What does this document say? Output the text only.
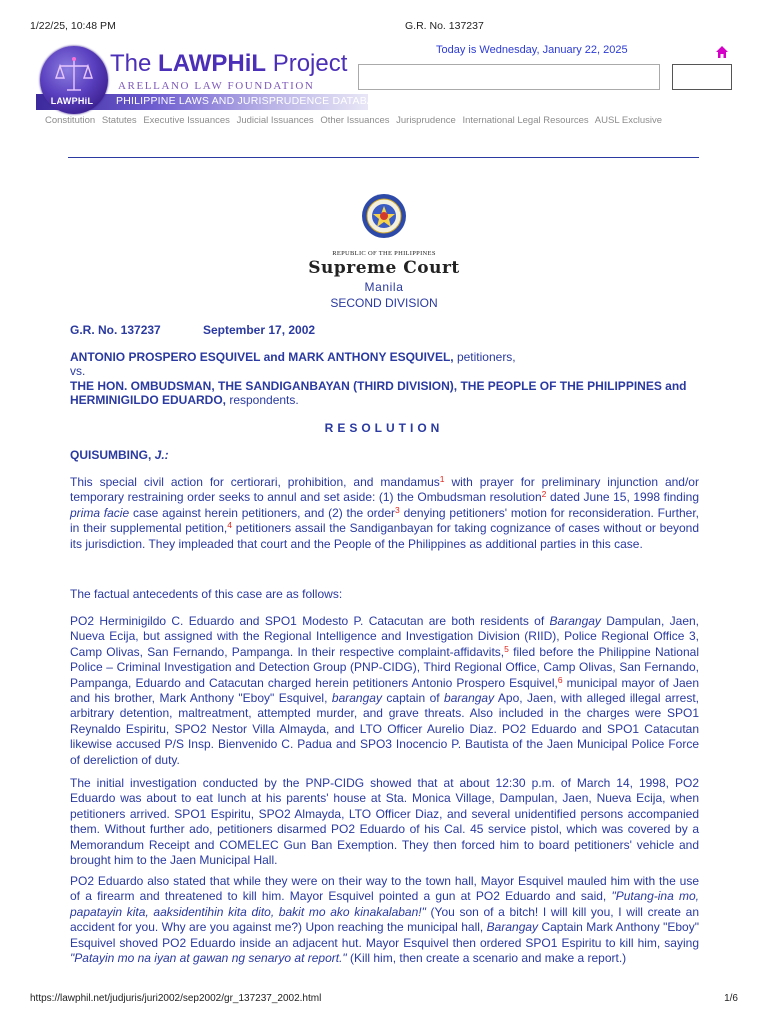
1/22/25, 10:48 PM	G.R. No. 137237
LAWPHiL
The LAWPHiL Project
ARELLANO LAW FOUNDATION
PHILIPPINE LAWS AND JURISPRUDENCE DATABANK
Today is Wednesday, January 22, 2025
Constitution Statutes Executive Issuances Judicial Issuances Other Issuances Jurisprudence International Legal Resources AUSL Exclusive
REPUBLIC OF THE PHILIPPINES
Supreme Court
Manila
SECOND DIVISION
G.R. No. 137237	September 17, 2002
ANTONIO PROSPERO ESQUIVEL and MARK ANTHONY ESQUIVEL, petitioners,
vs.
THE HON. OMBUDSMAN, THE SANDIGANBAYAN (THIRD DIVISION), THE PEOPLE OF THE PHILIPPINES and HERMINIGILDO EDUARDO, respondents.
RESOLUTION
QUISUMBING, J.:
This special civil action for certiorari, prohibition, and mandamus$^1$ with prayer for preliminary injunction and/or temporary restraining order seeks to annul and set aside: (1) the Ombudsman resolution$^2$ dated June 15, 1998 finding prima facie case against herein petitioners, and (2) the order$^3$ denying petitioners' motion for reconsideration. Further, in their supplemental petition,$^4$ petitioners assail the Sandiganbayan for taking cognizance of cases without or beyond its jurisdiction. They impleaded that court and the People of the Philippines as additional parties in this case.
The factual antecedents of this case are as follows:
PO2 Herminigildo C. Eduardo and SPO1 Modesto P. Catacutan are both residents of Barangay Dampulan, Jaen, Nueva Ecija, but assigned with the Regional Intelligence and Investigation Division (RIID), Police Regional Office 3, Camp Olivas, San Fernando, Pampanga. In their respective complaint-affidavits,$^5$ filed before the Philippine National Police – Criminal Investigation and Detection Group (PNP-CIDG), Third Regional Office, Camp Olivas, San Fernando, Pampanga, Eduardo and Catacutan charged herein petitioners Antonio Prospero Esquivel,$^6$ municipal mayor of Jaen and his brother, Mark Anthony "Eboy" Esquivel, barangay captain of barangay Apo, Jaen, with alleged illegal arrest, arbitrary detention, maltreatment, attempted murder, and grave threats. Also included in the charges were SPO1 Reynaldo Espiritu, SPO2 Nestor Villa Almayda, and LTO Officer Aurelio Diaz. PO2 Eduardo and SPO1 Catacutan likewise accused P/S Insp. Bienvenido C. Padua and SPO3 Inocencio P. Bautista of the Jaen Municipal Police Force of dereliction of duty.
The initial investigation conducted by the PNP-CIDG showed that at about 12:30 p.m. of March 14, 1998, PO2 Eduardo was about to eat lunch at his parents' house at Sta. Monica Village, Dampulan, Jaen, Nueva Ecija, when petitioners arrived. SPO1 Espiritu, SPO2 Almayda, LTO Officer Diaz, and several unidentified persons accompanied them. Without further ado, petitioners disarmed PO2 Eduardo of his Cal. 45 service pistol, which was covered by a Memorandum Receipt and COMELEC Gun Ban Exemption. They then forced him to board petitioners' vehicle and brought him to the Jaen Municipal Hall.
PO2 Eduardo also stated that while they were on their way to the town hall, Mayor Esquivel mauled him with the use of a firearm and threatened to kill him. Mayor Esquivel pointed a gun at PO2 Eduardo and said, "Putang-ina mo, papatayin kita, aaksidentihin kita dito, bakit mo ako kinakalaban!" (You son of a bitch! I will kill you, I will create an accident for you. Why are you against me?) Upon reaching the municipal hall, Barangay Captain Mark Anthony "Eboy" Esquivel shoved PO2 Eduardo inside an adjacent hut. Mayor Esquivel then ordered SPO1 Espiritu to kill him, saying "Patayin mo na iyan at gawan ng senaryo at report." (Kill him, then create a scenario and make a report.)
https://lawphil.net/judjuris/juri2002/sep2002/gr_137237_2002.html	1/6
